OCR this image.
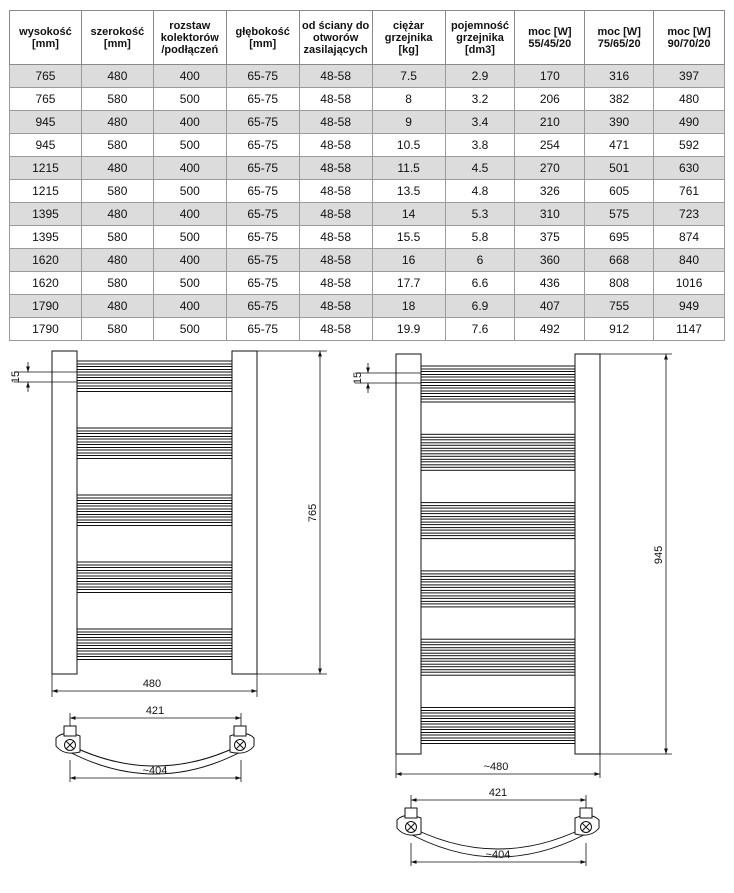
wysokość [mm]	szerokość [mm]	rozstaw kolektorów /podłączeń	głębokość [mm]	od ściany do otworów zasilających	ciężar grzejnika [kg]	pojemność grzejnika [dm3]	moc [W] 55/45/20	moc [W] 75/65/20	moc [W] 90/70/20
765	480	400	65-75	48-58	7.5	2.9	170	316	397
765	580	500	65-75	48-58	8	3.2	206	382	480
945	480	400	65-75	48-58	9	3.4	210	390	490
945	580	500	65-75	48-58	10.5	3.8	254	471	592
1215	480	400	65-75	48-58	11.5	4.5	270	501	630
1215	580	500	65-75	48-58	13.5	4.8	326	605	761
1395	480	400	65-75	48-58	14	5.3	310	575	723
1395	580	500	65-75	48-58	15.5	5.8	375	695	874
1620	480	400	65-75	48-58	16	6	360	668	840
1620	580	500	65-75	48-58	17.7	6.6	436	808	1016
1790	480	400	65-75	48-58	18	6.9	407	755	949
1790	580	500	65-75	48-58	19.9	7.6	492	912	1147
15
765
480
421
~404
15
945
~480
421
~404
